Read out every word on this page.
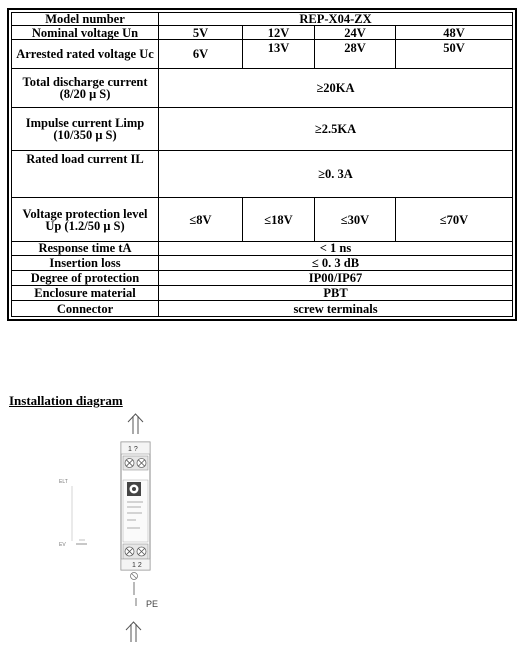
Model number	REP-X04-ZX			
Nominal voltage Un	5V	12V	24V	48V
Arrested rated voltage Uc	6V	13V	28V	50V
Total discharge current (8/20 μ S)	≥20KA			
Impulse current Limp (10/350 μ S)	≥2.5KA			
Rated load current IL	≥0. 3A			
Voltage protection level Up (1.2/50 μ S)	≤8V	≤18V	≤30V	≤70V
Response time tA	< 1 ns			
Insertion loss	≤ 0. 3 dB			
Degree of protection	IP00/IP67			
Enclosure material	PBT			
Connector	screw terminals			

Installation diagram

1 ?
1 2
PE
ELT
EV
